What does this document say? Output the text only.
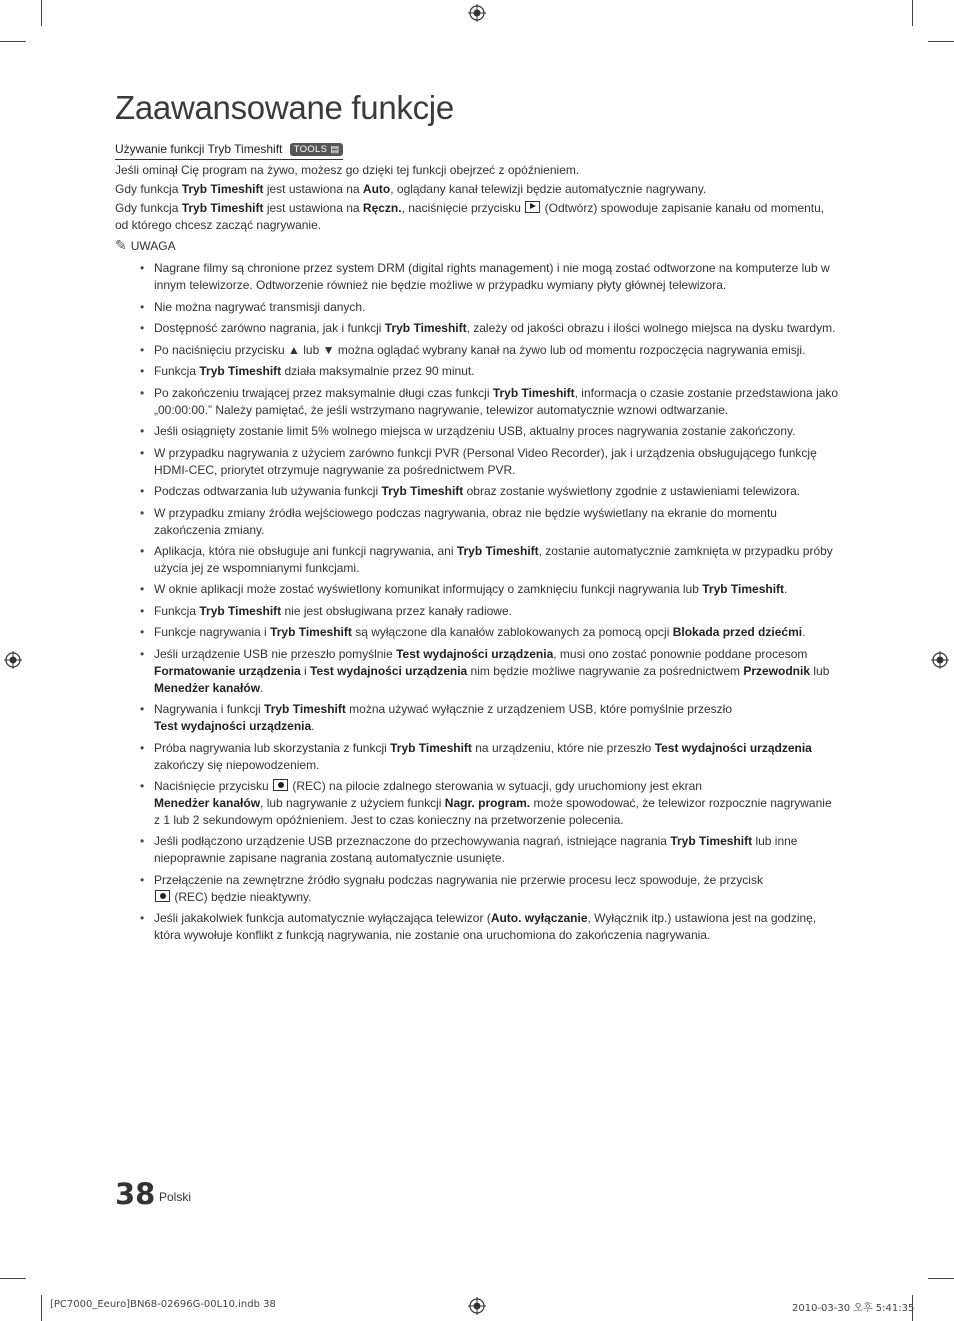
Zaawansowane funkcje
Używanie funkcji Tryb Timeshift TOOLS ▤
Jeśli ominął Cię program na żywo, możesz go dzięki tej funkcji obejrzeć z opóźnieniem.
Gdy funkcja Tryb Timeshift jest ustawiona na Auto, oglądany kanał telewizji będzie automatycznie nagrywany.
Gdy funkcja Tryb Timeshift jest ustawiona na Ręczn., naciśnięcie przycisku  (Odtwórz) spowoduje zapisanie kanału od momentu, od którego chcesz zacząć nagrywanie.
✎ UWAGA
• Nagrane filmy są chronione przez system DRM (digital rights management) i nie mogą zostać odtworzone na komputerze lub w innym telewizorze. Odtworzenie również nie będzie możliwe w przypadku wymiany płyty głównej telewizora.
• Nie można nagrywać transmisji danych.
• Dostępność zarówno nagrania, jak i funkcji Tryb Timeshift, zależy od jakości obrazu i ilości wolnego miejsca na dysku twardym.
• Po naciśnięciu przycisku ▲ lub ▼ można oglądać wybrany kanał na żywo lub od momentu rozpoczęcia nagrywania emisji.
• Funkcja Tryb Timeshift działa maksymalnie przez 90 minut.
• Po zakończeniu trwającej przez maksymalnie długi czas funkcji Tryb Timeshift, informacja o czasie zostanie przedstawiona jako „00:00:00.” Należy pamiętać, że jeśli wstrzymano nagrywanie, telewizor automatycznie wznowi odtwarzanie.
• Jeśli osiągnięty zostanie limit 5% wolnego miejsca w urządzeniu USB, aktualny proces nagrywania zostanie zakończony.
• W przypadku nagrywania z użyciem zarówno funkcji PVR (Personal Video Recorder), jak i urządzenia obsługującego funkcję HDMI-CEC, priorytet otrzymuje nagrywanie za pośrednictwem PVR.
• Podczas odtwarzania lub używania funkcji Tryb Timeshift obraz zostanie wyświetlony zgodnie z ustawieniami telewizora.
• W przypadku zmiany źródła wejściowego podczas nagrywania, obraz nie będzie wyświetlany na ekranie do momentu zakończenia zmiany.
• Aplikacja, która nie obsługuje ani funkcji nagrywania, ani Tryb Timeshift, zostanie automatycznie zamknięta w przypadku próby użycia jej ze wspomnianymi funkcjami.
• W oknie aplikacji może zostać wyświetlony komunikat informujący o zamknięciu funkcji nagrywania lub Tryb Timeshift.
• Funkcja Tryb Timeshift nie jest obsługiwana przez kanały radiowe.
• Funkcje nagrywania i Tryb Timeshift są wyłączone dla kanałów zablokowanych za pomocą opcji Blokada przed dziećmi.
• Jeśli urządzenie USB nie przeszło pomyślnie Test wydajności urządzenia, musi ono zostać ponownie poddane procesom Formatowanie urządzenia i Test wydajności urządzenia nim będzie możliwe nagrywanie za pośrednictwem Przewodnik lub Menedżer kanałów.
• Nagrywania i funkcji Tryb Timeshift można używać wyłącznie z urządzeniem USB, które pomyślnie przeszło
Test wydajności urządzenia.
• Próba nagrywania lub skorzystania z funkcji Tryb Timeshift na urządzeniu, które nie przeszło Test wydajności urządzenia zakończy się niepowodzeniem.
• Naciśnięcie przycisku  (REC) na pilocie zdalnego sterowania w sytuacji, gdy uruchomiony jest ekran
Menedżer kanałów, lub nagrywanie z użyciem funkcji Nagr. program. może spowodować, że telewizor rozpocznie nagrywanie z 1 lub 2 sekundowym opóźnieniem. Jest to czas konieczny na przetworzenie polecenia.
• Jeśli podłączono urządzenie USB przeznaczone do przechowywania nagrań, istniejące nagrania Tryb Timeshift lub inne niepoprawnie zapisane nagrania zostaną automatycznie usunięte.
• Przełączenie na zewnętrzne źródło sygnału podczas nagrywania nie przerwie procesu lecz spowoduje, że przycisk
(REC) będzie nieaktywny.
• Jeśli jakakolwiek funkcja automatycznie wyłączająca telewizor (Auto. wyłączanie, Wyłącznik itp.) ustawiona jest na godzinę, która wywołuje konflikt z funkcją nagrywania, nie zostanie ona uruchomiona do zakończenia nagrywania.
38 Polski
[PC7000_Eeuro]BN68-02696G-00L10.indb 38	2010-03-30 오후 5:41:35
